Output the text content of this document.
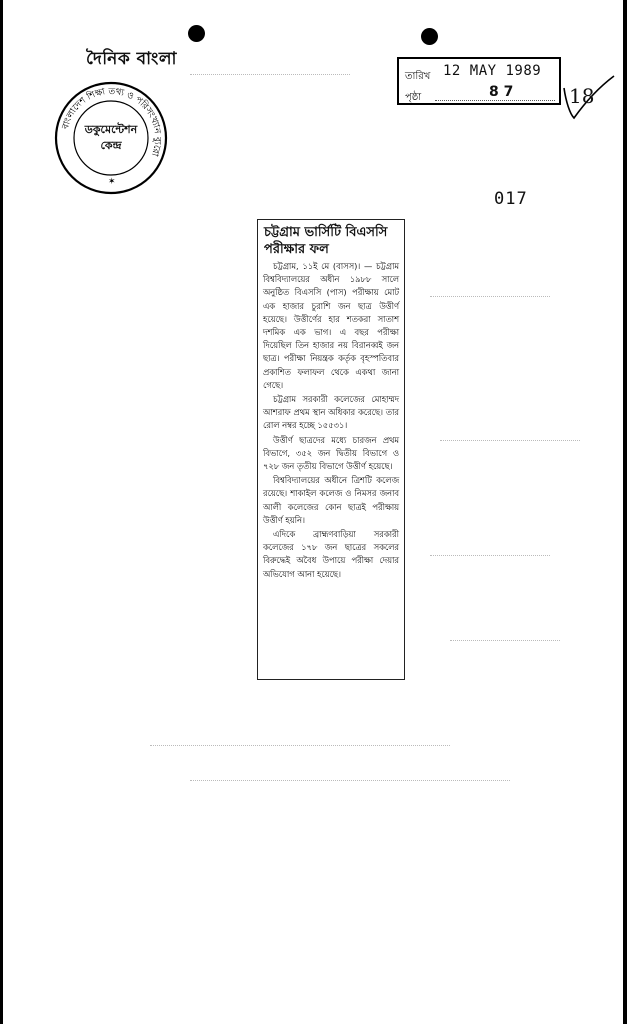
দৈনিক বাংলা
বাংলাদেশ শিক্ষা তথ্য ও পরিসংখ্যান ব্যুরো
✶
ডকুমেন্টেশন
কেন্দ্র
তারিখ 12 MAY 1989
পৃষ্ঠা	8 7	18
017
চট্টগ্রাম ভার্সিটি বিএসসি পরীক্ষার ফল

চট্টগ্রাম, ১১ই মে (বাসস)। — চট্টগ্রাম বিশ্ববিদ্যালয়ের অধীন ১৯৮৮ সালে অনুষ্ঠিত বিএসসি (পাস) পরীক্ষায় মোট এক হাজার চুরাশি জন ছাত্র উত্তীর্ণ হয়েছে। উত্তীর্ণের হার শতকরা সাতাশ দশমিক এক ভাগ। এ বছর পরীক্ষা দিয়েছিল তিন হাজার নয় বিরানব্বই জন ছাত্র। পরীক্ষা নিয়ন্ত্রক কর্তৃক বৃহস্পতিবার প্রকাশিত ফলাফল থেকে একথা জানা গেছে।

চট্টগ্রাম সরকারী কলেজের মোহাম্মদ আশরাফ প্রথম স্থান অধিকার করেছে। তার রোল নম্বর হচ্ছে ১৫৫৩১।

উত্তীর্ণ ছাত্রদের মধ্যে চারজন প্রথম বিভাগে, ৩৫২ জন দ্বিতীয় বিভাগে ও ৭২৮ জন তৃতীয় বিভাগে উত্তীর্ণ হয়েছে।

বিশ্ববিদ্যালয়ের অধীনে ত্রিশটি কলেজ রয়েছে। শাকাইল কলেজ ও নিমসর জনাব আলী কলেজের কোন ছাত্রই পরীক্ষায় উত্তীর্ণ হয়নি।

এদিকে ব্রাহ্মণবাড়িয়া সরকারী কলেজের ১৭৮ জন ছাত্রের সকলের বিরুদ্ধেই অবৈধ উপায়ে পরীক্ষা দেয়ার অভিযোগ আনা হয়েছে।
